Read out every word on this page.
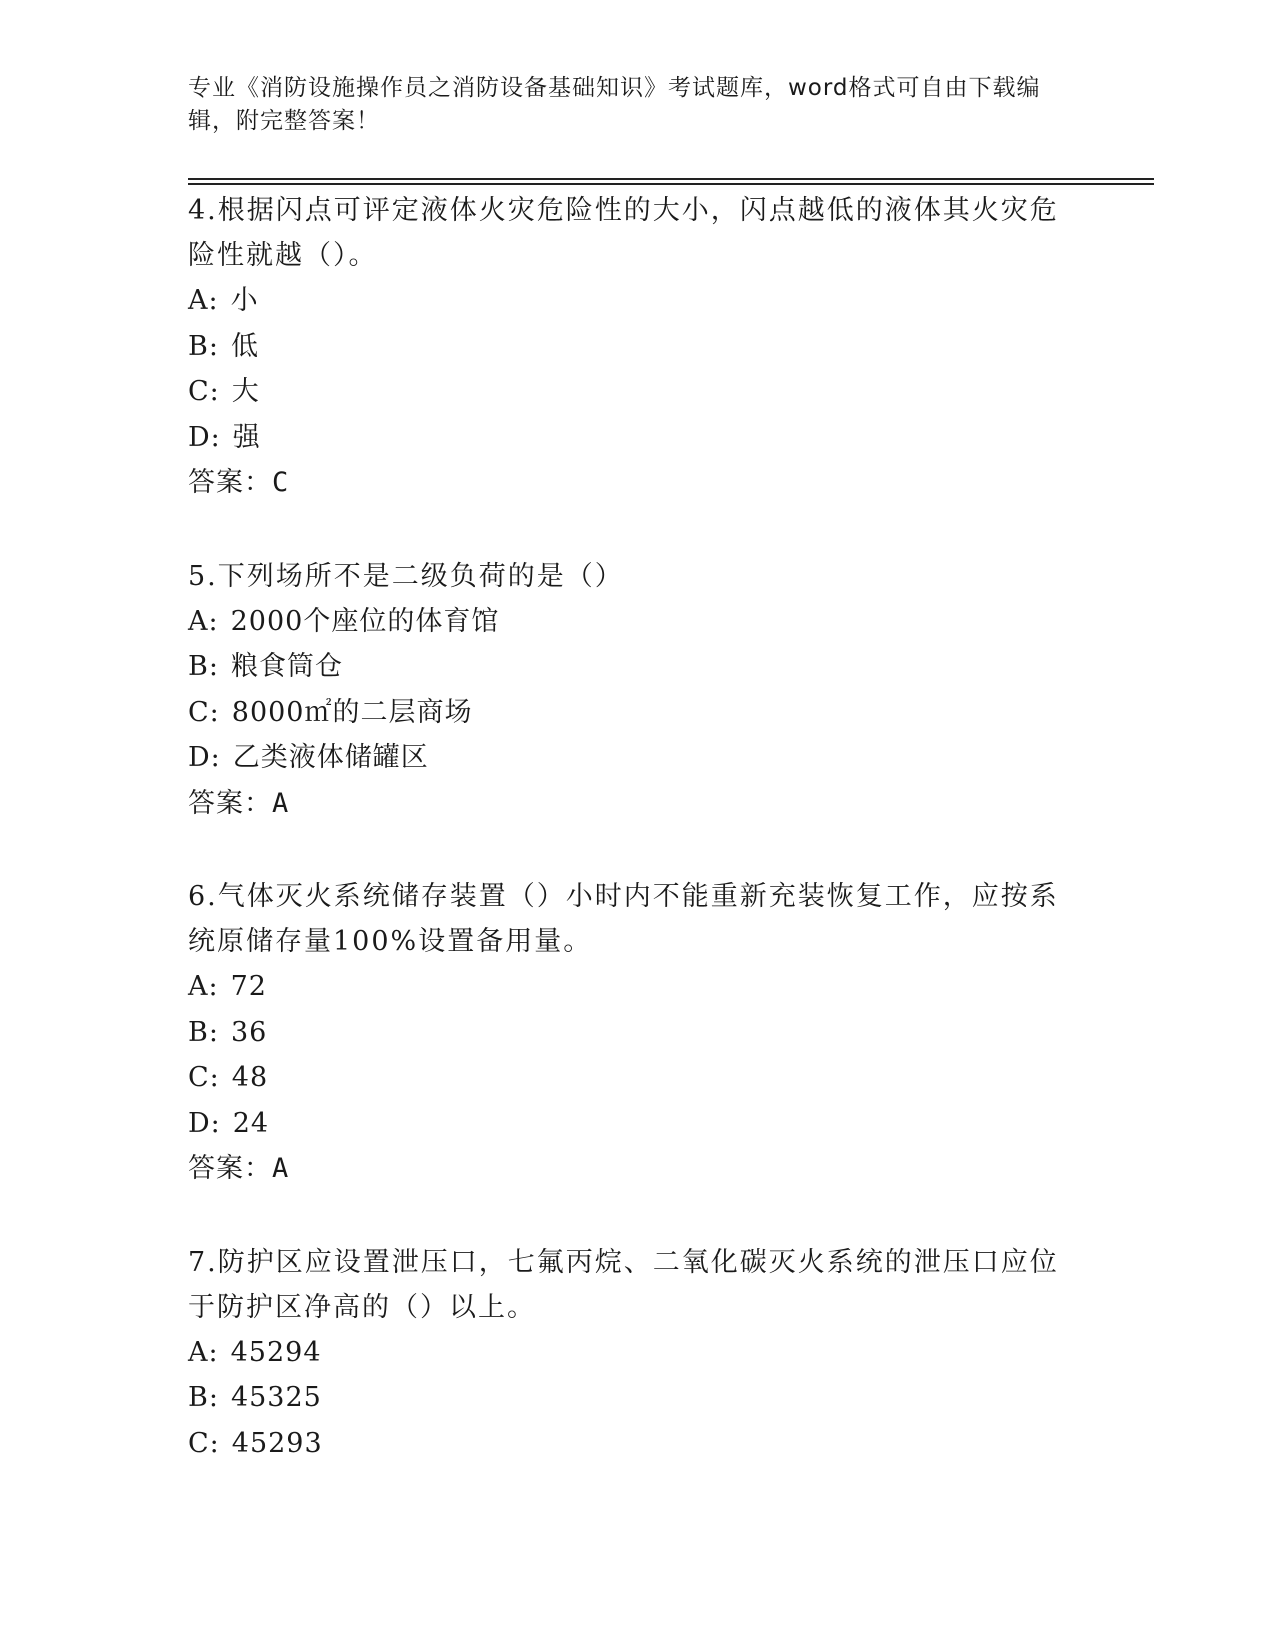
专业《消防设施操作员之消防设备基础知识》考试题库，word格式可自由下载编
辑，附完整答案！
4.根据闪点可评定液体火灾危险性的大小，闪点越低的液体其火灾危
险性就越（）。
A: 小
B: 低
C: 大
D: 强
答案：C
5.下列场所不是二级负荷的是（）
A: 2000个座位的体育馆
B: 粮食筒仓
C: 8000㎡的二层商场
D: 乙类液体储罐区
答案：A
6.气体灭火系统储存装置（）小时内不能重新充装恢复工作，应按系
统原储存量100%设置备用量。
A: 72
B: 36
C: 48
D: 24
答案：A
7.防护区应设置泄压口，七氟丙烷、二氧化碳灭火系统的泄压口应位
于防护区净高的（）以上。
A: 45294
B: 45325
C: 45293
